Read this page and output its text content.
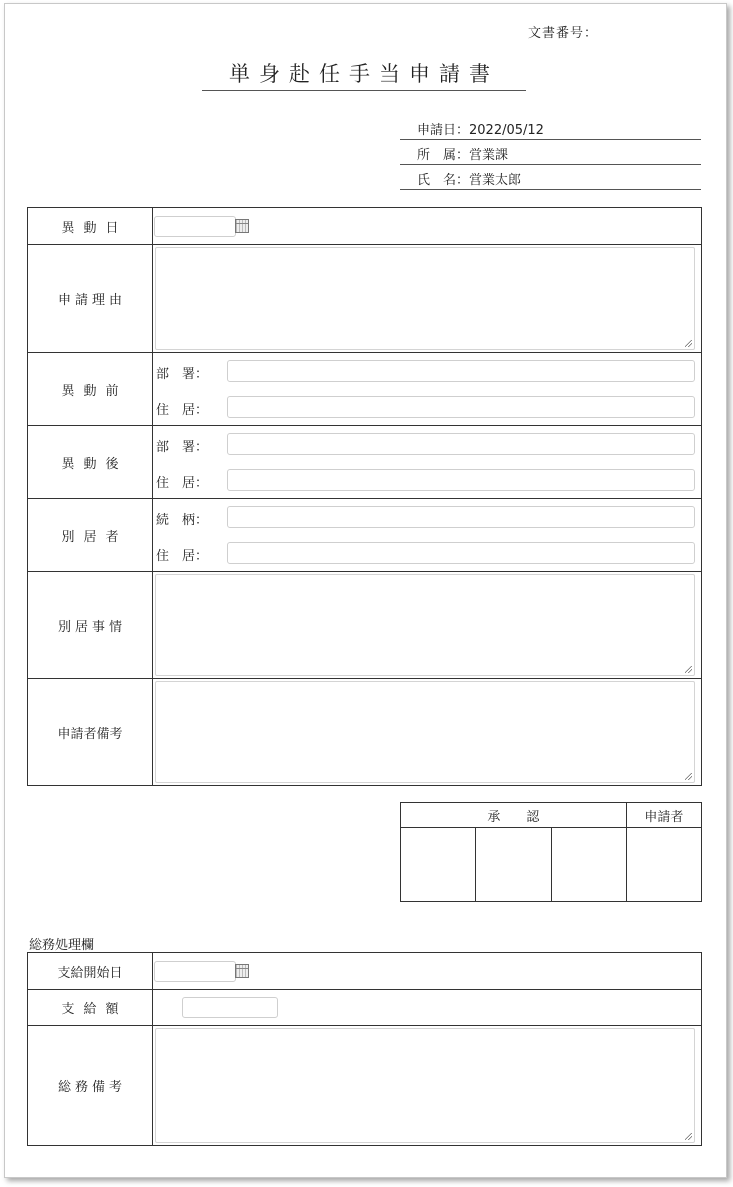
文書番号：
単身赴任手当申請書
申請日：2022/05/12
所　属：営業課
氏　名：営業太郎
異動日	
申請理由	

異動前	部　署：
住　居：

異動後	部　署：
住　居：

別居者	続　柄：
住　居：

別居事情	

申請者備考	
承　　認			申請者

総務処理欄
支給開始日	
支給額	
総務備考	
